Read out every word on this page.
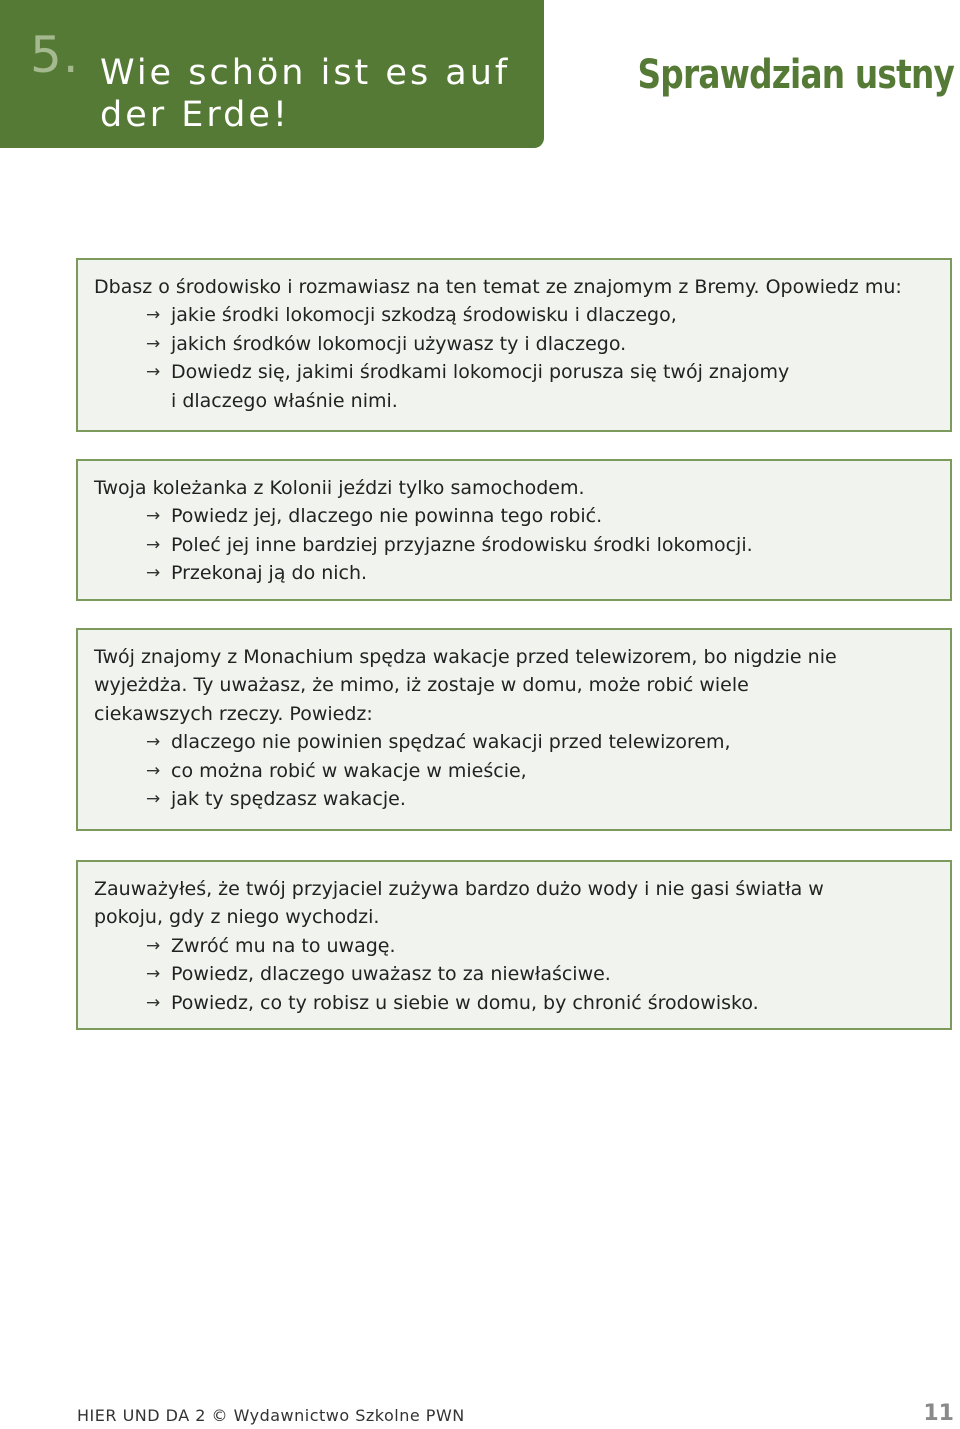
5. Wie schön ist es auf
der Erde!
Sprawdzian ustny
Dbasz o środowisko i rozmawiasz na ten temat ze znajomym z Bremy. Opowiedz mu:
→ jakie środki lokomocji szkodzą środowisku i dlaczego,
→ jakich środków lokomocji używasz ty i dlaczego.
→ Dowiedz się, jakimi środkami lokomocji porusza się twój znajomy
i dlaczego właśnie nimi.
Twoja koleżanka z Kolonii jeździ tylko samochodem.
→ Powiedz jej, dlaczego nie powinna tego robić.
→ Poleć jej inne bardziej przyjazne środowisku środki lokomocji.
→ Przekonaj ją do nich.
Twój znajomy z Monachium spędza wakacje przed telewizorem, bo nigdzie nie
wyjeżdża. Ty uważasz, że mimo, iż zostaje w domu, może robić wiele
ciekawszych rzeczy. Powiedz:
→ dlaczego nie powinien spędzać wakacji przed telewizorem,
→ co można robić w wakacje w mieście,
→ jak ty spędzasz wakacje.
Zauważyłeś, że twój przyjaciel zużywa bardzo dużo wody i nie gasi światła w
pokoju, gdy z niego wychodzi.
→ Zwróć mu na to uwagę.
→ Powiedz, dlaczego uważasz to za niewłaściwe.
→ Powiedz, co ty robisz u siebie w domu, by chronić środowisko.
HIER UND DA 2 © Wydawnictwo Szkolne PWN	11
